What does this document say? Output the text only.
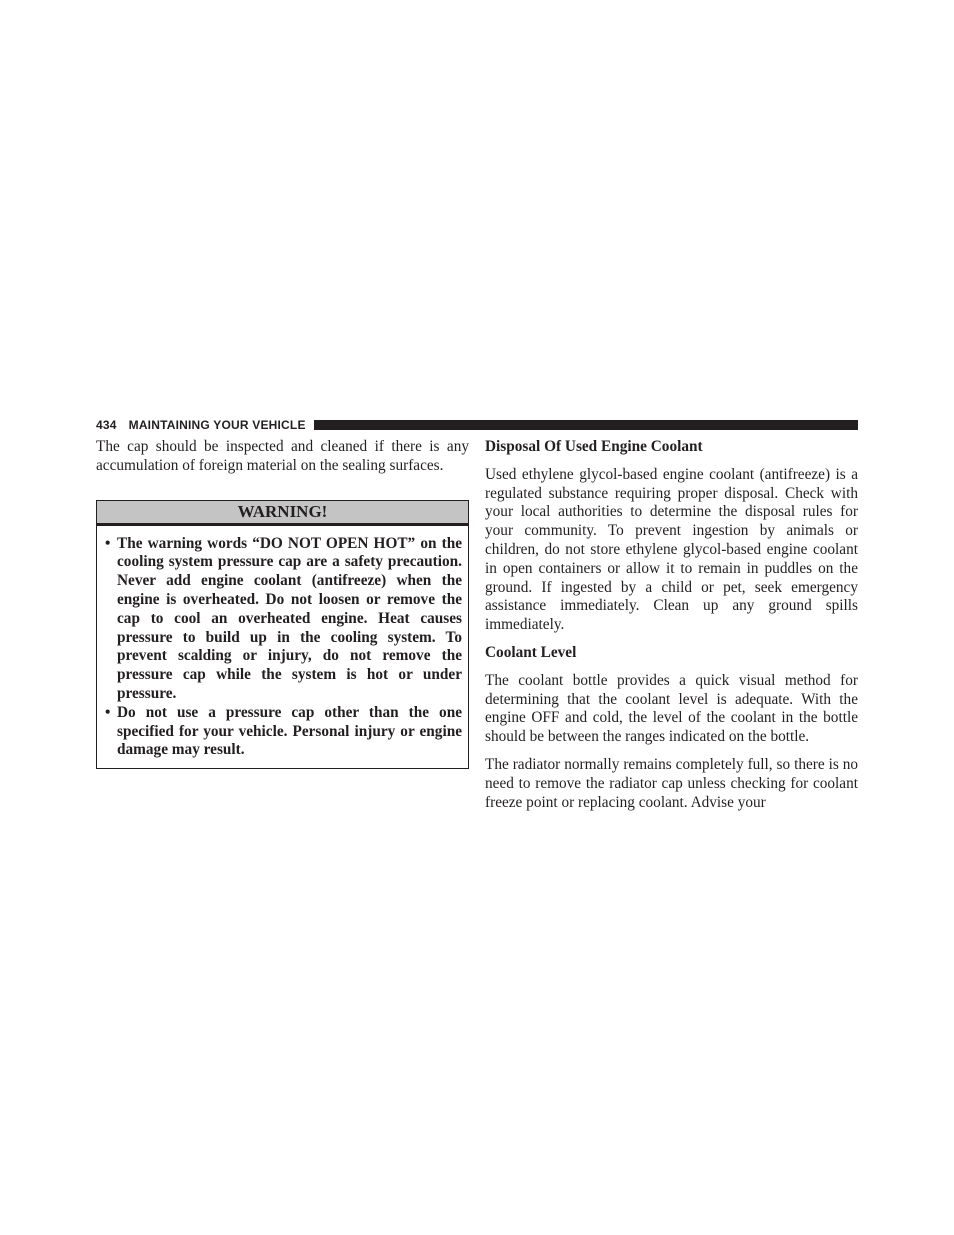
434 MAINTAINING YOUR VEHICLE

The cap should be inspected and cleaned if there is any accumulation of foreign material on the sealing surfaces.

WARNING!
• The warning words “DO NOT OPEN HOT” on the cooling system pressure cap are a safety precaution. Never add engine coolant (antifreeze) when the engine is overheated. Do not loosen or remove the cap to cool an overheated engine. Heat causes pressure to build up in the cooling system. To prevent scalding or injury, do not remove the pressure cap while the system is hot or under pressure.
• Do not use a pressure cap other than the one specified for your vehicle. Personal injury or engine damage may result.
Disposal Of Used Engine Coolant

Used ethylene glycol-based engine coolant (antifreeze) is a regulated substance requiring proper disposal. Check with your local authorities to determine the disposal rules for your community. To prevent ingestion by animals or children, do not store ethylene glycol-based engine coolant in open containers or allow it to remain in puddles on the ground. If ingested by a child or pet, seek emergency assistance immediately. Clean up any ground spills immediately.

Coolant Level

The coolant bottle provides a quick visual method for determining that the coolant level is adequate. With the engine OFF and cold, the level of the coolant in the bottle should be between the ranges indicated on the bottle.

The radiator normally remains completely full, so there is no need to remove the radiator cap unless checking for coolant freeze point or replacing coolant. Advise your
